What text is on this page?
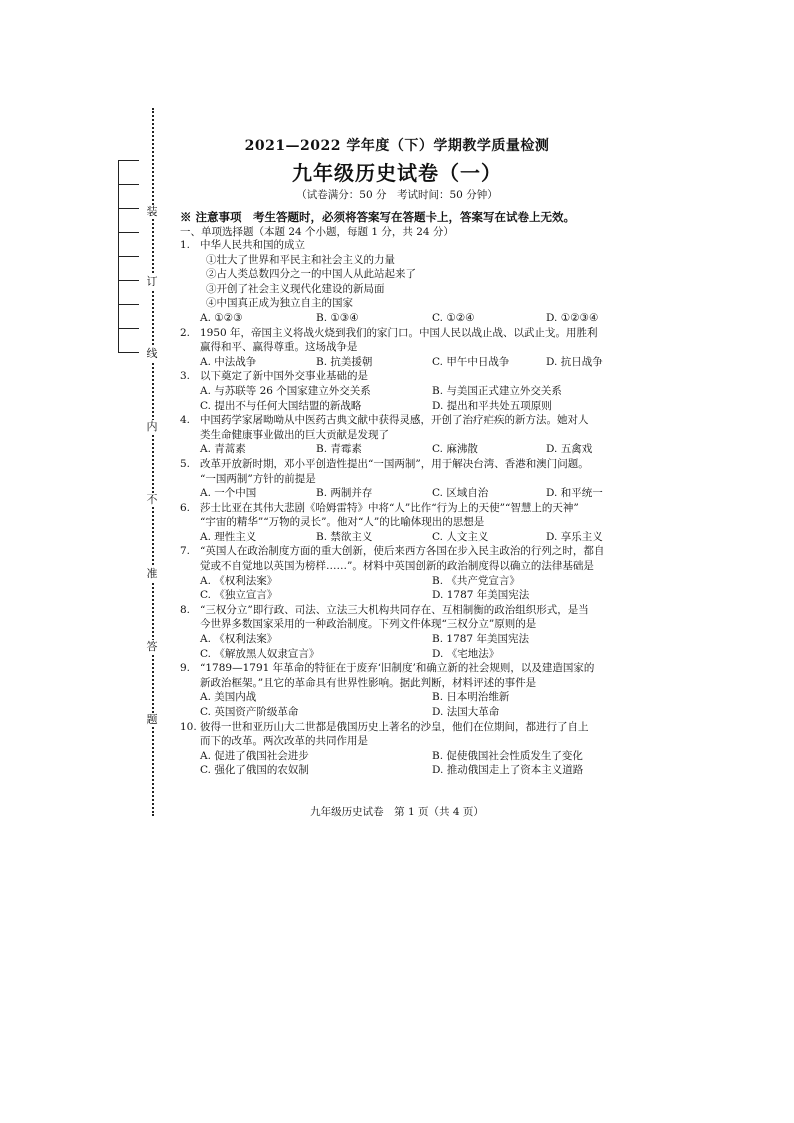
装
订
线
内
不
准
答
题
2021—2022 学年度（下）学期教学质量检测
九年级历史试卷（一）
（试卷满分：50 分　考试时间：50 分钟）
※ 注意事项　考生答题时，必须将答案写在答题卡上，答案写在试卷上无效。
一、单项选择题（本题 24 个小题，每题 1 分，共 24 分）
1. 中华人民共和国的成立
①壮大了世界和平民主和社会主义的力量
②占人类总数四分之一的中国人从此站起来了
③开创了社会主义现代化建设的新局面
④中国真正成为独立自主的国家
A. ①②③	B. ①③④	C. ①②④	D. ①②③④
2. 1950 年，帝国主义将战火烧到我们的家门口。中国人民以战止战、以武止戈。用胜利
赢得和平、赢得尊重。这场战争是
A. 中法战争	B. 抗美援朝	C. 甲午中日战争	D. 抗日战争
3. 以下奠定了新中国外交事业基础的是
A. 与苏联等 26 个国家建立外交关系	B. 与美国正式建立外交关系
C. 提出不与任何大国结盟的新战略	D. 提出和平共处五项原则
4. 中国药学家屠呦呦从中医药古典文献中获得灵感，开创了治疗疟疾的新方法。她对人
类生命健康事业做出的巨大贡献是发现了
A. 青蒿素	B. 青霉素	C. 麻沸散	D. 五禽戏
5. 改革开放新时期，邓小平创造性提出“一国两制”，用于解决台湾、香港和澳门问题。
“一国两制”方针的前提是
A. 一个中国	B. 两制并存	C. 区域自治	D. 和平统一
6. 莎士比亚在其伟大悲剧《哈姆雷特》中将“人”比作“行为上的天使”“智慧上的天神”
“宇宙的精华”“万物的灵长”。他对“人”的比喻体现出的思想是
A. 理性主义	B. 禁欲主义	C. 人文主义	D. 享乐主义
7. “英国人在政治制度方面的重大创新，使后来西方各国在步入民主政治的行列之时，都自
觉或不自觉地以英国为榜样……”。材料中英国创新的政治制度得以确立的法律基础是
A. 《权利法案》	B. 《共产党宣言》
C. 《独立宣言》	D. 1787 年美国宪法
8. “三权分立”即行政、司法、立法三大机构共同存在、互相制衡的政治组织形式，是当
今世界多数国家采用的一种政治制度。下列文件体现“三权分立”原则的是
A. 《权利法案》	B. 1787 年美国宪法
C. 《解放黑人奴隶宣言》	D. 《宅地法》
9. “1789—1791 年革命的特征在于废弃‘旧制度’和确立新的社会规则，以及建造国家的
新政治框架。”且它的革命具有世界性影响。据此判断，材料评述的事件是
A. 美国内战	B. 日本明治维新
C. 英国资产阶级革命	D. 法国大革命
10. 彼得一世和亚历山大二世都是俄国历史上著名的沙皇，他们在位期间，都进行了自上
而下的改革。两次改革的共同作用是
A. 促进了俄国社会进步	B. 促使俄国社会性质发生了变化
C. 强化了俄国的农奴制	D. 推动俄国走上了资本主义道路
九年级历史试卷　第 1 页（共 4 页）
